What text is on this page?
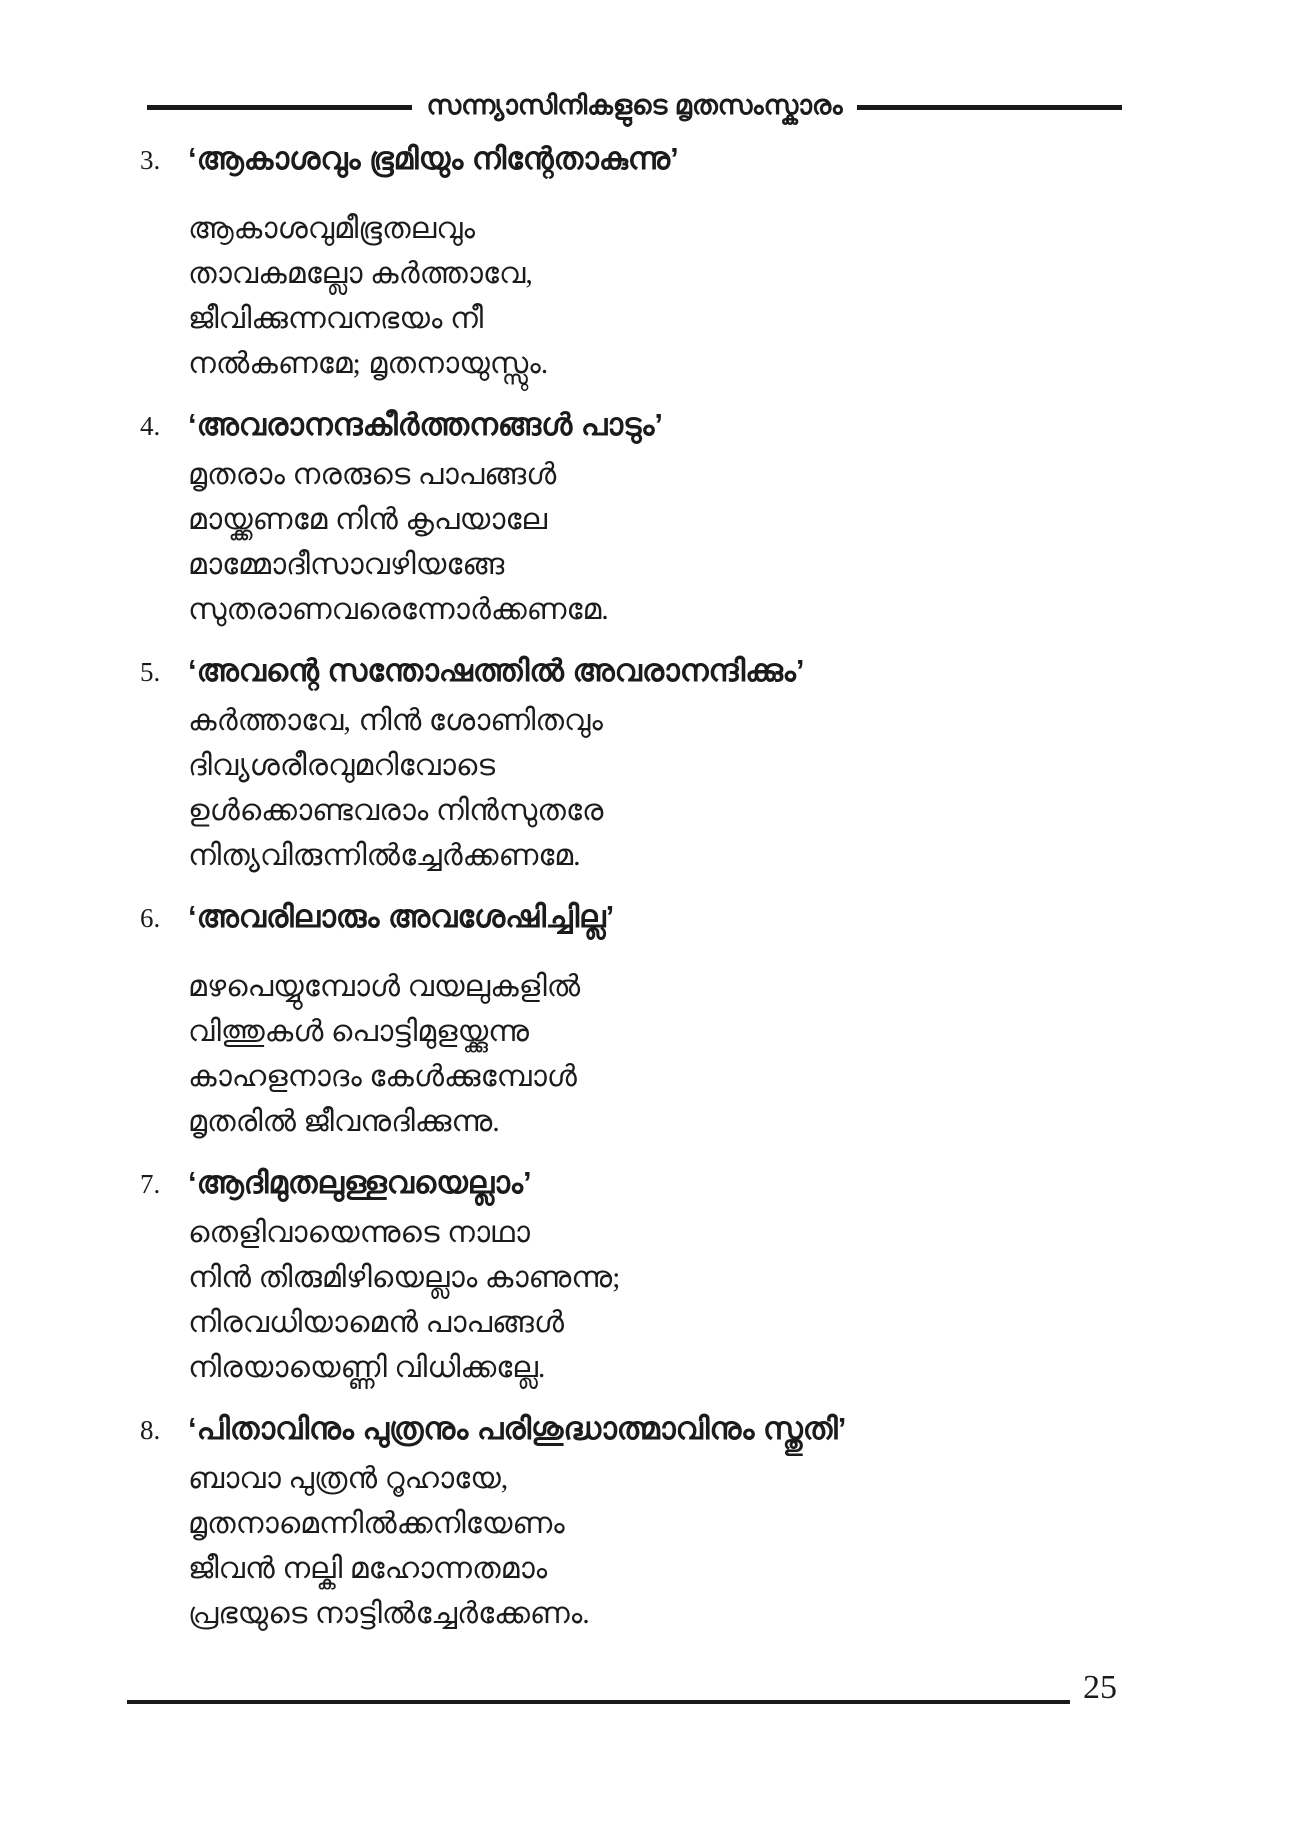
സന്ന്യാസിനികളുടെ മൃതസംസ്കാരം
3. ‘ആകാശവും ഭൂമിയും നിന്റേതാകുന്നു’

ആകാശവുമീഭൂതലവും

താവകമല്ലോ കർത്താവേ,

ജീവിക്കുന്നവനഭയം നീ

നൽകണമേ; മൃതനായുസ്സും.

4. ‘അവരാനന്ദകീർത്തനങ്ങൾ പാടും’

മൃതരാം നരരുടെ പാപങ്ങൾ

മായ്ക്കണമേ നിൻ കൃപയാലേ

മാമ്മോദീസാവഴിയങ്ങേ

സുതരാണവരെന്നോർക്കണമേ.

5. ‘അവന്റെ സന്തോഷത്തിൽ അവരാനന്ദിക്കും’

കർത്താവേ, നിൻ ശോണിതവും

ദിവ്യശരീരവുമറിവോടെ

ഉൾക്കൊണ്ടവരാം നിൻസുതരേ

നിത്യവിരുന്നിൽച്ചേർക്കണമേ.

6. ‘അവരിലാരും അവശേഷിച്ചില്ല’

മഴപെയ്യുമ്പോൾ വയലുകളിൽ

വിത്തുകൾ പൊട്ടിമുളയ്ക്കുന്നു

കാഹളനാദം കേൾക്കുമ്പോൾ

മൃതരിൽ ജീവനുദിക്കുന്നു.

7. ‘ആദിമുതലുള്ളവയെല്ലാം’

തെളിവായെന്നുടെ നാഥാ

നിൻ തിരുമിഴിയെല്ലാം കാണുന്നു;

നിരവധിയാമെൻ പാപങ്ങൾ

നിരയായെണ്ണി വിധിക്കല്ലേ.

8. ‘പിതാവിനും പുത്രനും പരിശുദ്ധാത്മാവിനും സ്തുതി’

ബാവാ പുത്രൻ റൂഹായേ,

മൃതനാമെന്നിൽക്കനിയേണം

ജീവൻ നല്കി മഹോന്നതമാം

പ്രഭയുടെ നാട്ടിൽച്ചേർക്കേണം.

25
